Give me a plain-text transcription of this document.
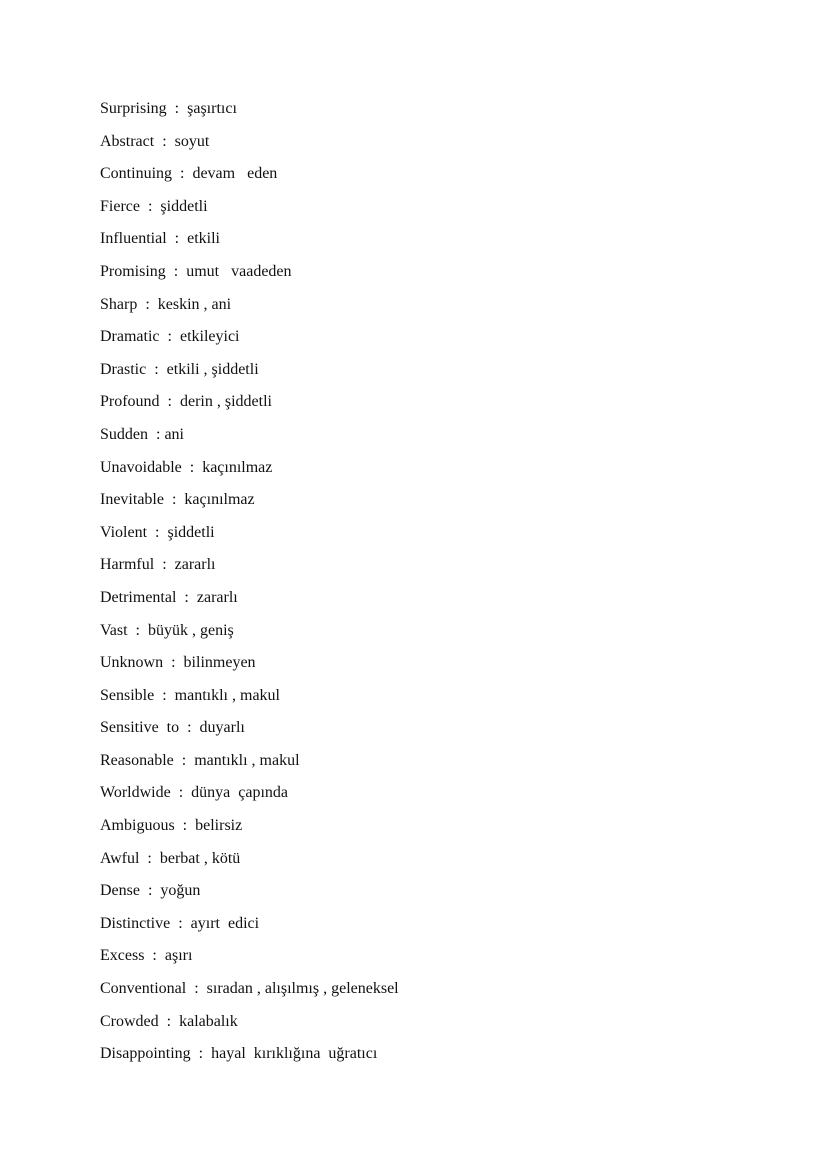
Surprising  :  şaşırtıcı
Abstract  :  soyut
Continuing  :  devam   eden
Fierce  :  şiddetli
Influential  :  etkili
Promising  :  umut   vaadeden
Sharp  :  keskin , ani
Dramatic  :  etkileyici
Drastic  :  etkili , şiddetli
Profound  :  derin , şiddetli
Sudden  : ani
Unavoidable  :  kaçınılmaz
Inevitable  :  kaçınılmaz
Violent  :  şiddetli
Harmful  :  zararlı
Detrimental  :  zararlı
Vast  :  büyük , geniş
Unknown  :  bilinmeyen
Sensible  :  mantıklı , makul
Sensitive  to  :  duyarlı
Reasonable  :  mantıklı , makul
Worldwide  :  dünya  çapında
Ambiguous  :  belirsiz
Awful  :  berbat , kötü
Dense  :  yoğun
Distinctive  :  ayırt  edici
Excess  :  aşırı
Conventional  :  sıradan , alışılmış , geleneksel
Crowded  :  kalabalık
Disappointing  :  hayal  kırıklığına  uğratıcı
